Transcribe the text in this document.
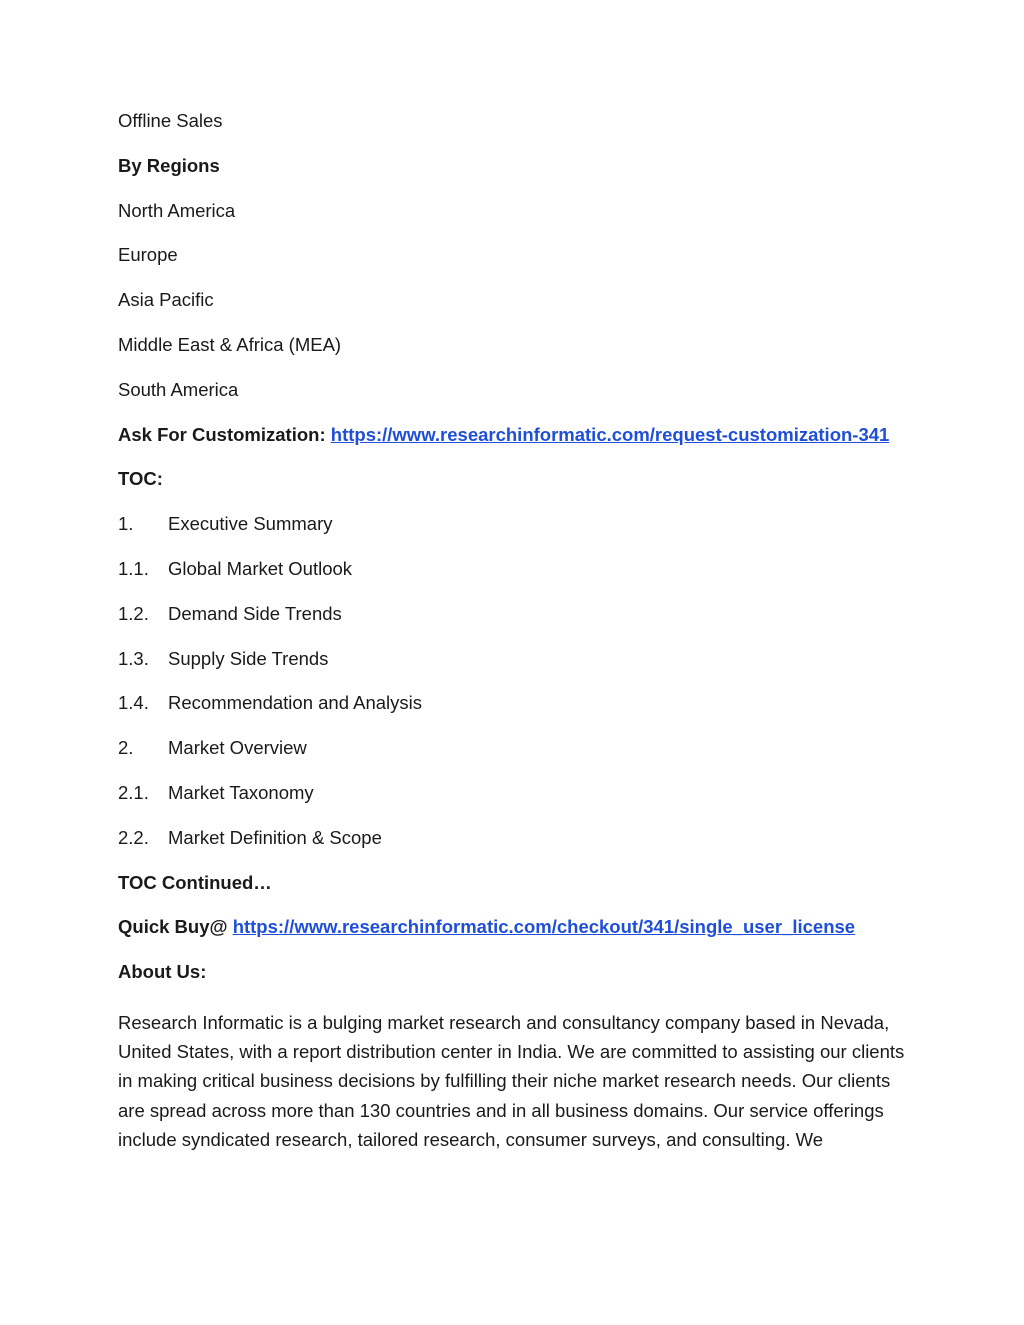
Offline Sales

By Regions

North America

Europe

Asia Pacific

Middle East & Africa (MEA)

South America

Ask For Customization: https://www.researchinformatic.com/request-customization-341

TOC:

1.	Executive Summary
1.1.	Global Market Outlook
1.2.	Demand Side Trends
1.3.	Supply Side Trends
1.4.	Recommendation and Analysis
2.	Market Overview
2.1.	Market Taxonomy
2.2.	Market Definition & Scope

TOC Continued…

Quick Buy@ https://www.researchinformatic.com/checkout/341/single_user_license

About Us:

Research Informatic is a bulging market research and consultancy company based in Nevada, United States, with a report distribution center in India. We are committed to assisting our clients in making critical business decisions by fulfilling their niche market research needs. Our clients are spread across more than 130 countries and in all business domains. Our service offerings include syndicated research, tailored research, consumer surveys, and consulting. We
